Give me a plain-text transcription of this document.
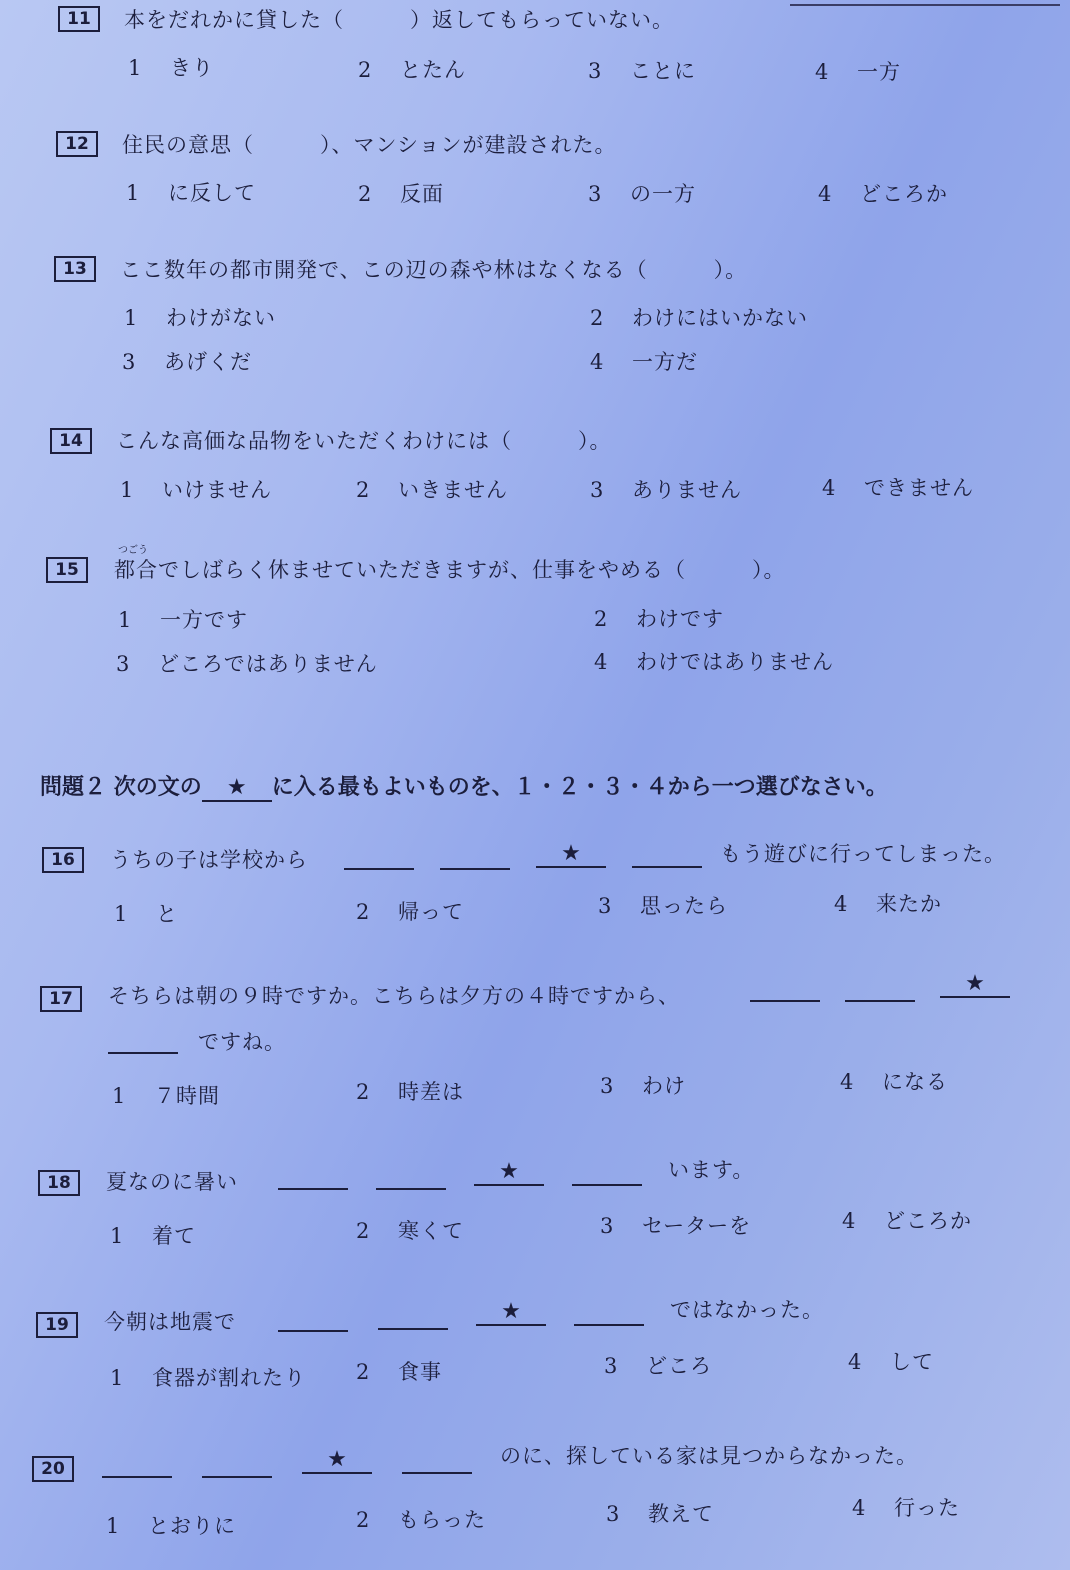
11	本をだれかに貸した（　　　）返してもらっていない。
1 きり	2 とたん	3 ことに	4 一方
12	住民の意思（　　　）、マンションが建設された。
1 に反して	2 反面	3 の一方	4 どころか
13	ここ数年の都市開発で、この辺の森や林はなくなる（　　　）。
1 わけがない	2 わけにはいかない
3 あげくだ	4 一方だ
14	こんな高価な品物をいただくわけには（　　　）。
1 いけません	2 いきません	3 ありません	4 できません
15
つごう
都合でしばらく休ませていただきますが、仕事をやめる（　　　）。
1 一方です	2 わけです
3 どころではありません	4 わけではありません
問題２ 次の文の ★ に入る最もよいものを、１・２・３・４から一つ選びなさい。
16	うちの子は学校から	★	もう遊びに行ってしまった。
1 と	2 帰って	3 思ったら	4 来たか
17	そちらは朝の９時ですか。こちらは夕方の４時ですから、	★
ですね。
1 ７時間	2 時差は	3 わけ	4 になる
18	夏なのに暑い	★	います。
1 着て	2 寒くて	3 セーターを	4 どころか
19	今朝は地震で	★	ではなかった。
1 食器が割れたり 2 食事	3 どころ	4 して
20	★	のに、探している家は見つからなかった。
1 とおりに	2 もらった	3 教えて	4 行った
